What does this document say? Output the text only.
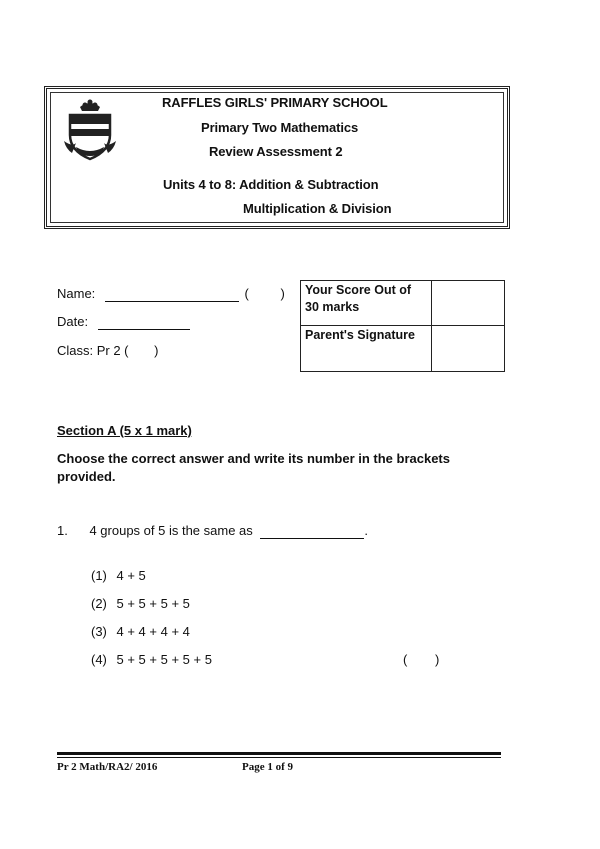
RAFFLES GIRLS' PRIMARY SCHOOL
Primary Two Mathematics
Review Assessment 2
Units 4 to 8: Addition & Subtraction
Multiplication & Division
Name:	( )
Date:
Class: Pr 2 ( )
Your Score Out of 30 marks	
Parent's Signature	
Section A (5 x 1 mark)
Choose the correct answer and write its number in the brackets provided.
1. 4 groups of 5 is the same as	.
(1) 4 + 5
(2) 5 + 5 + 5 + 5
(3) 4 + 4 + 4 + 4
(4) 5 + 5 + 5 + 5 + 5	( )
Pr 2 Math/RA2/ 2016	Page 1 of 9
